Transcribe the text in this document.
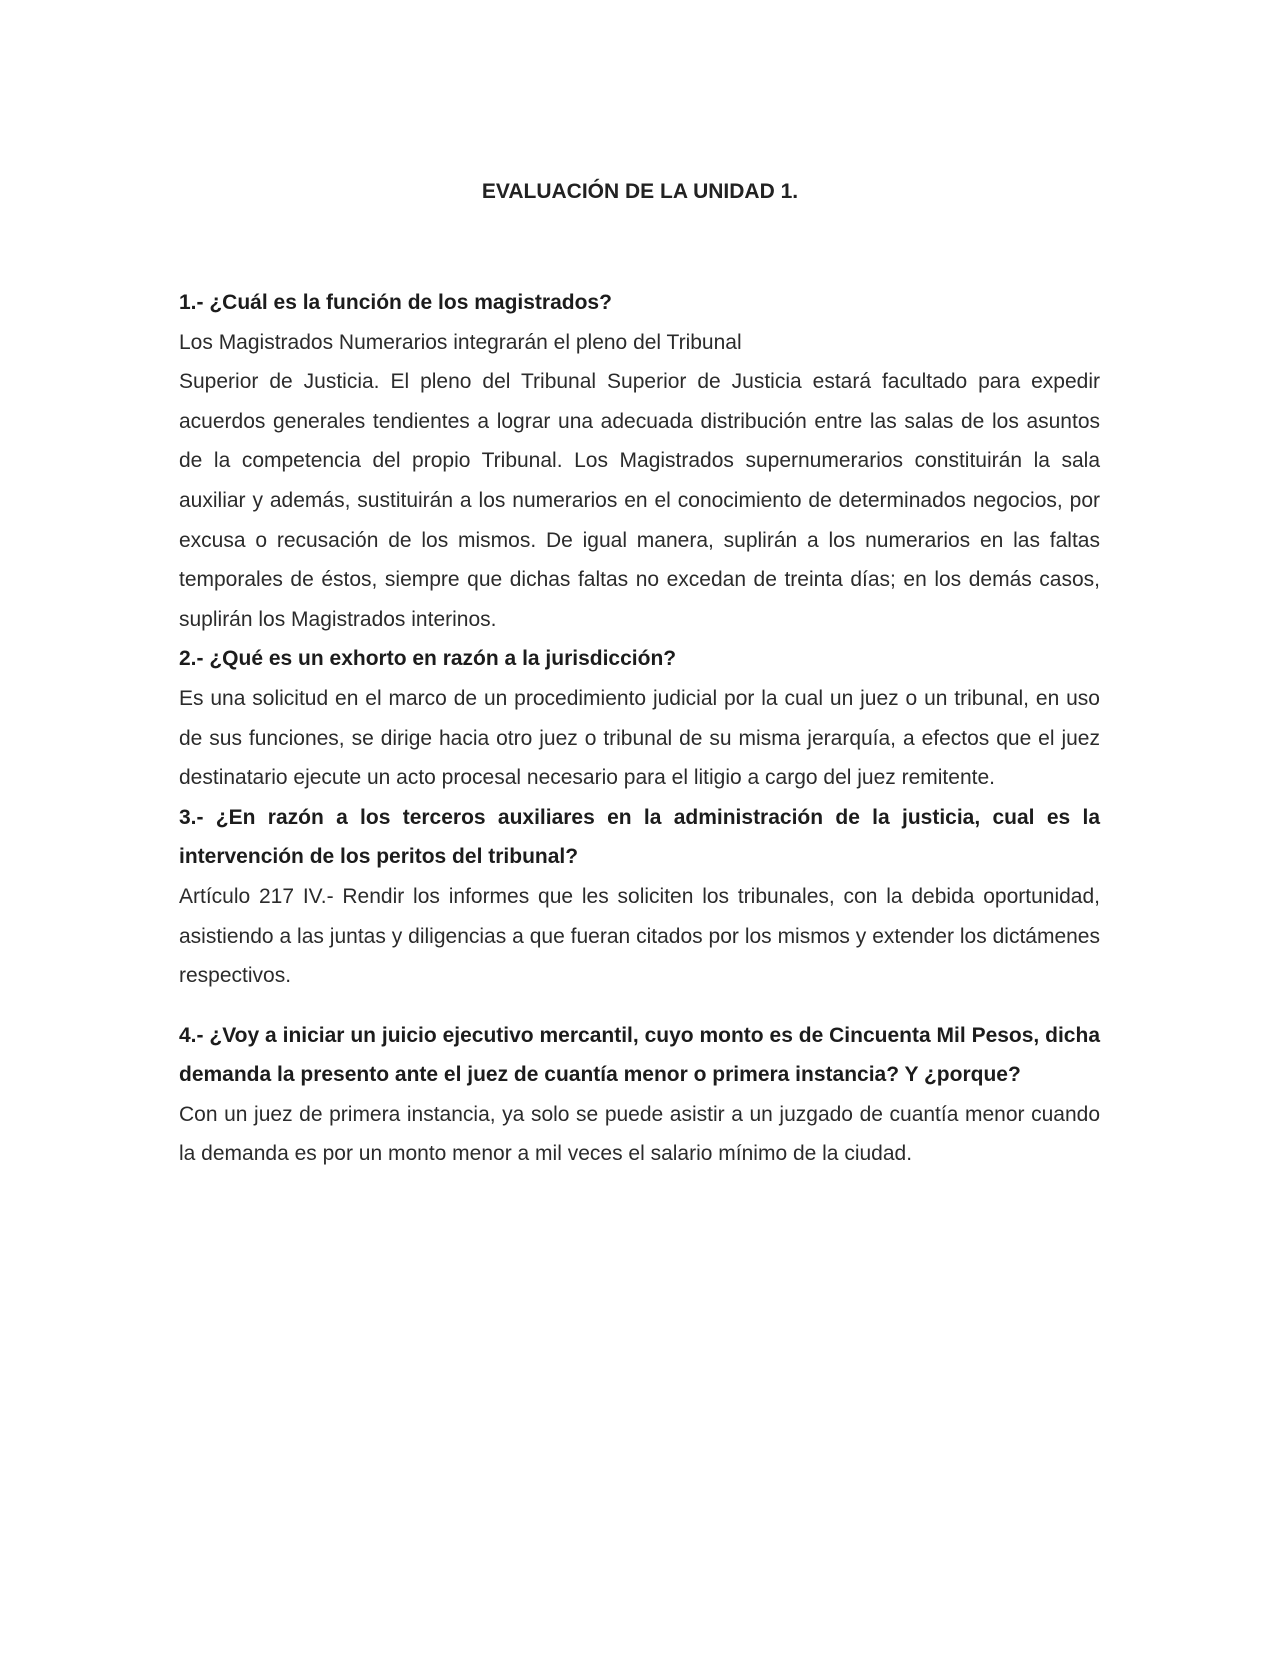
EVALUACIÓN DE LA UNIDAD 1.

1.- ¿Cuál es la función de los magistrados?

Los Magistrados Numerarios integrarán el pleno del Tribunal

Superior de Justicia. El pleno del Tribunal Superior de Justicia estará facultado para expedir acuerdos generales tendientes a lograr una adecuada distribución entre las salas de los asuntos de la competencia del propio Tribunal. Los Magistrados supernumerarios constituirán la sala auxiliar y además, sustituirán a los numerarios en el conocimiento de determinados negocios, por excusa o recusación de los mismos. De igual manera, suplirán a los numerarios en las faltas temporales de éstos, siempre que dichas faltas no excedan de treinta días; en los demás casos, suplirán los Magistrados interinos.

2.- ¿Qué es un exhorto en razón a la jurisdicción?

Es una solicitud en el marco de un procedimiento judicial por la cual un juez o un tribunal, en uso de sus funciones, se dirige hacia otro juez o tribunal de su misma jerarquía, a efectos que el juez destinatario ejecute un acto procesal necesario para el litigio a cargo del juez remitente.

3.- ¿En razón a los terceros auxiliares en la administración de la justicia, cual es la intervención de los peritos del tribunal?

Artículo 217 IV.- Rendir los informes que les soliciten los tribunales, con la debida oportunidad, asistiendo a las juntas y diligencias a que fueran citados por los mismos y extender los dictámenes respectivos.

4.- ¿Voy a iniciar un juicio ejecutivo mercantil, cuyo monto es de Cincuenta Mil Pesos, dicha demanda la presento ante el juez de cuantía menor o primera instancia? Y ¿porque?

Con un juez de primera instancia, ya solo se puede asistir a un juzgado de cuantía menor cuando la demanda es por un monto menor a mil veces el salario mínimo de la ciudad.
